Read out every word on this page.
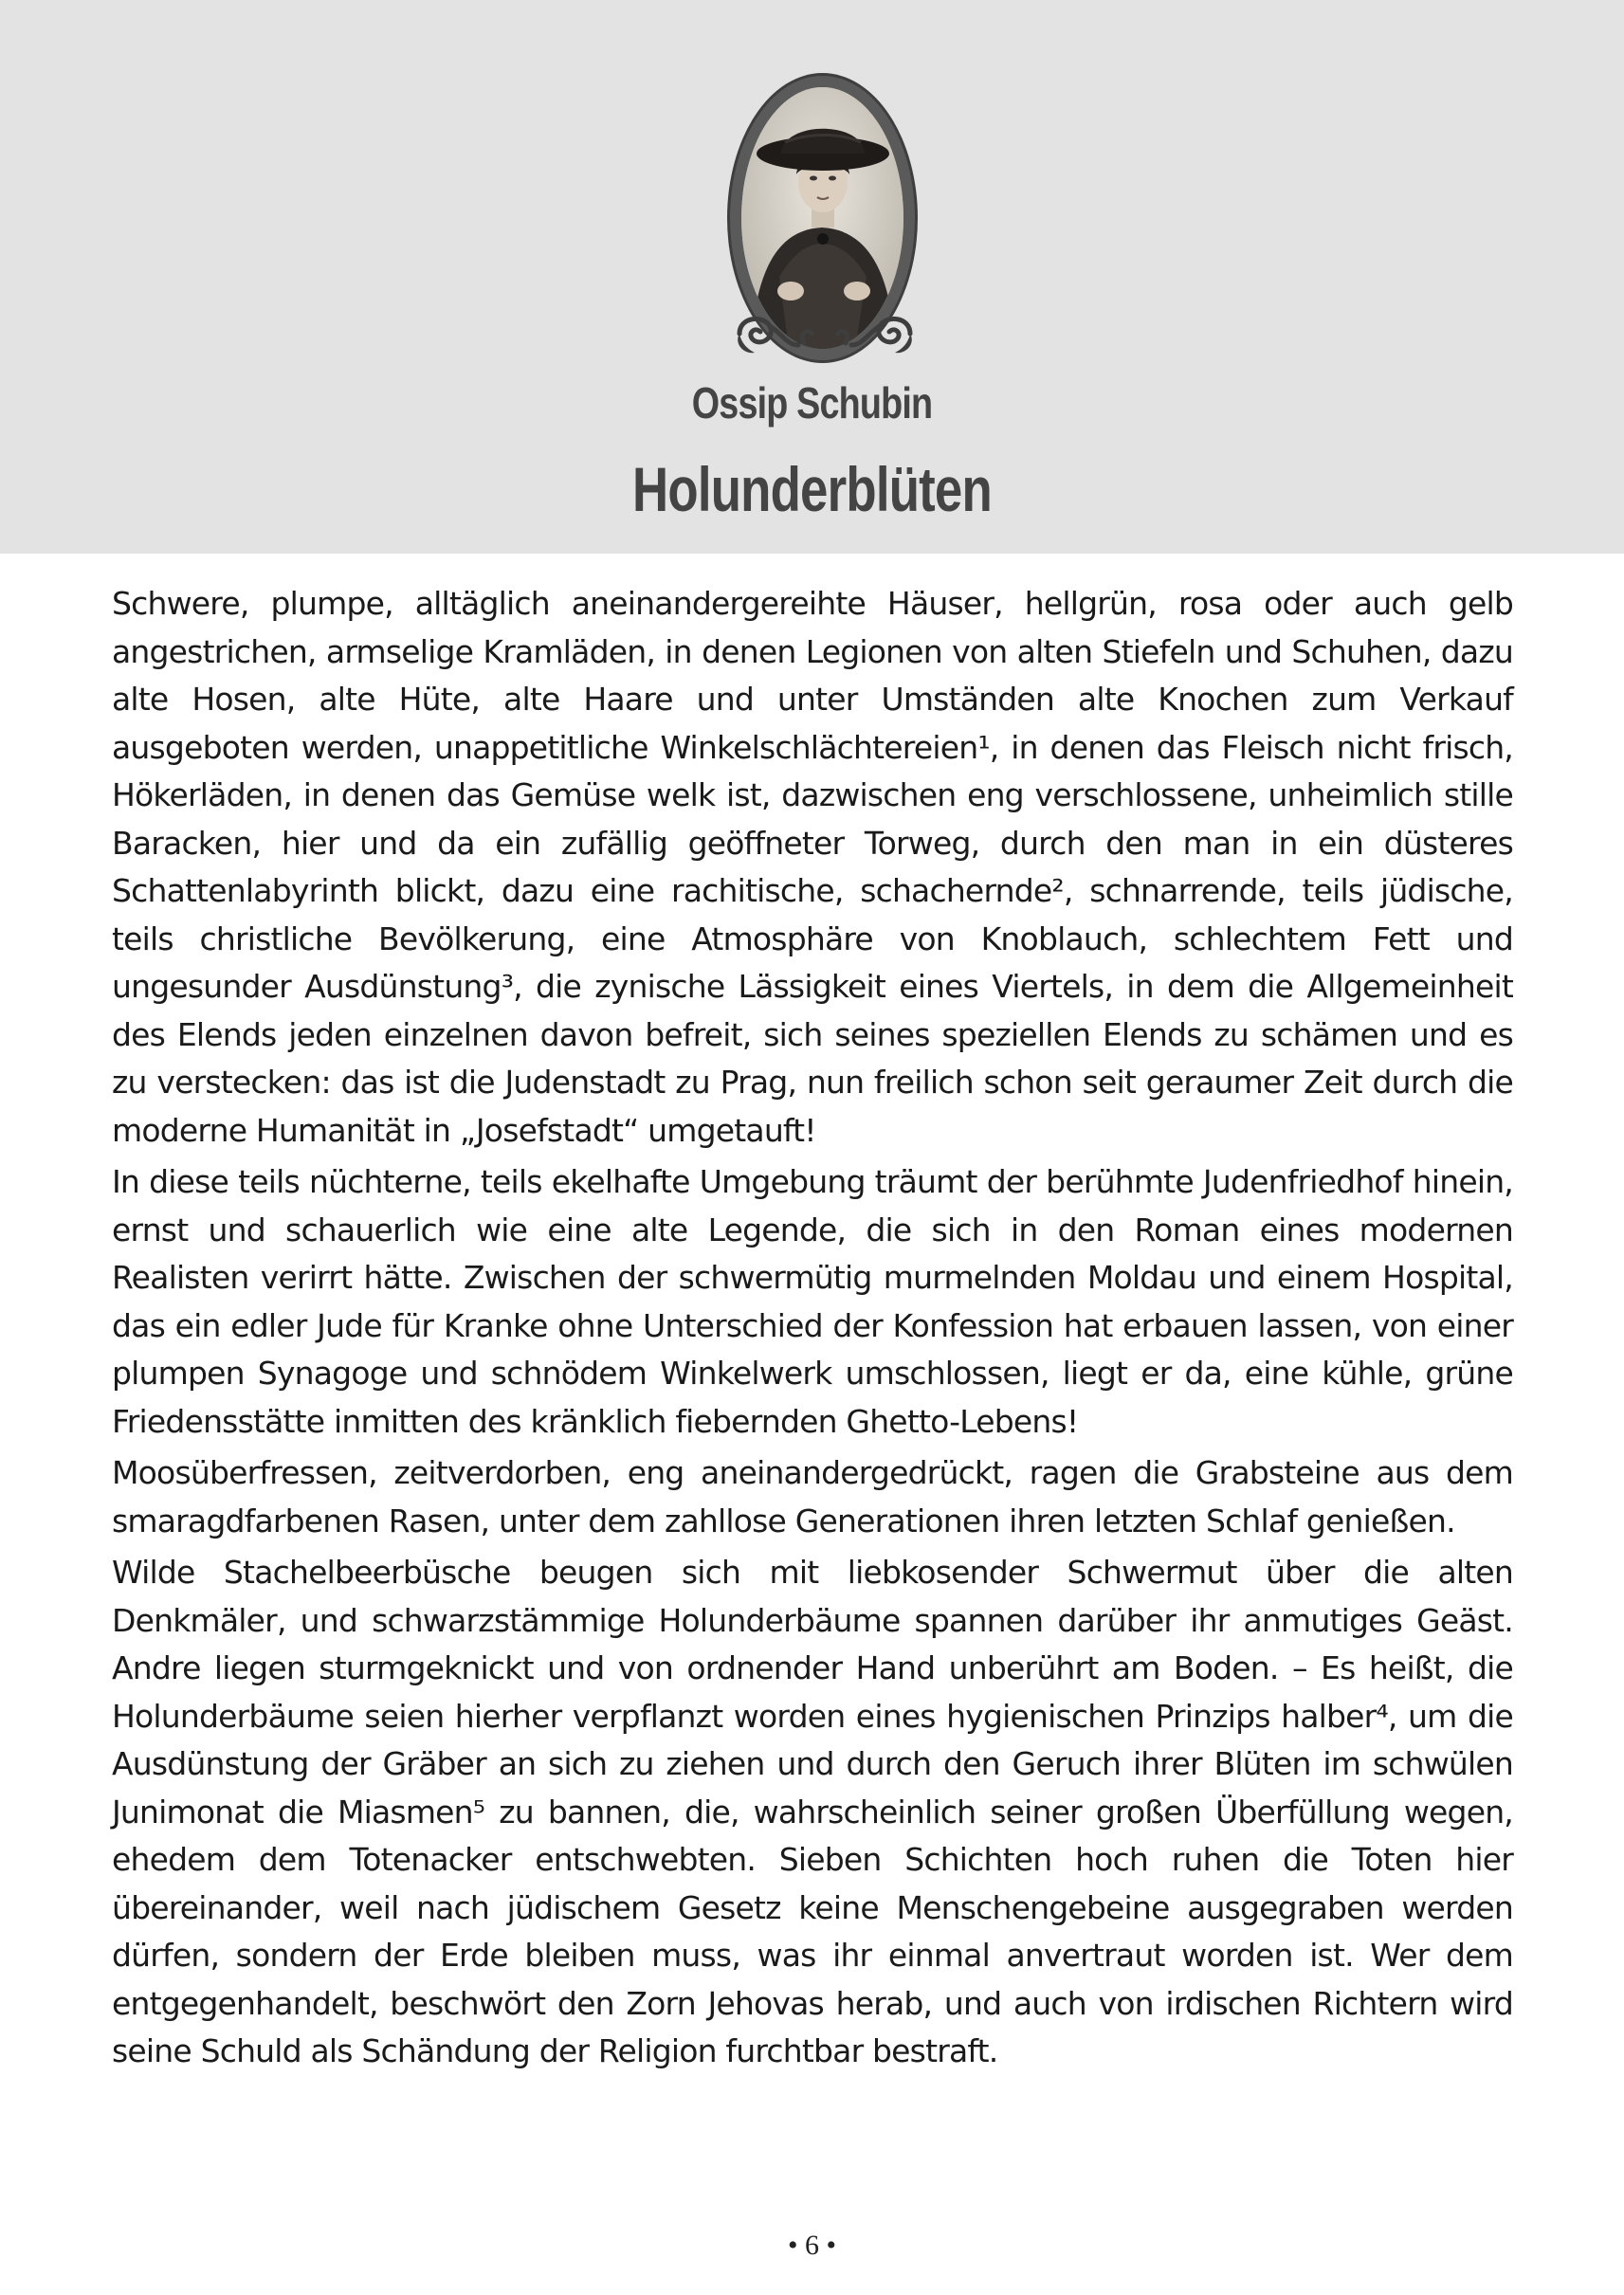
Ossip Schubin
Holunderblüten

Schwere, plumpe, alltäglich aneinandergereihte Häuser, hellgrün, rosa oder auch gelb angestrichen, armselige Kramläden, in denen Legionen von alten Stiefeln und Schuhen, dazu alte Hosen, alte Hüte, alte Haare und unter Umständen alte Knochen zum Verkauf ausgeboten werden, unappetitliche Winkelschlächtereien¹, in denen das Fleisch nicht frisch, Hökerläden, in denen das Gemüse welk ist, dazwischen eng verschlossene, unheimlich stille Baracken, hier und da ein zufällig geöffneter Torweg, durch den man in ein düsteres Schattenlabyrinth blickt, dazu eine rachitische, schachernde², schnarrende, teils jüdische, teils christliche Bevölkerung, eine Atmosphäre von Knoblauch, schlechtem Fett und ungesunder Ausdünstung³, die zynische Lässigkeit eines Viertels, in dem die Allgemeinheit des Elends jeden einzelnen davon befreit, sich seines speziellen Elends zu schämen und es zu verstecken: das ist die Judenstadt zu Prag, nun freilich schon seit geraumer Zeit durch die moderne Humanität in „Josefstadt“ umgetauft!

In diese teils nüchterne, teils ekelhafte Umgebung träumt der berühmte Judenfriedhof hinein, ernst und schauerlich wie eine alte Legende, die sich in den Roman eines modernen Realisten verirrt hätte. Zwischen der schwermütig murmelnden Moldau und einem Hospital, das ein edler Jude für Kranke ohne Unterschied der Konfession hat erbauen lassen, von einer plumpen Synagoge und schnödem Winkelwerk umschlossen, liegt er da, eine kühle, grüne Friedensstätte inmitten des kränklich fiebernden Ghetto-Lebens!

Moosüberfressen, zeitverdorben, eng aneinandergedrückt, ragen die Grabsteine aus dem smaragdfarbenen Rasen, unter dem zahllose Generationen ihren letzten Schlaf genießen.

Wilde Stachelbeerbüsche beugen sich mit liebkosender Schwermut über die alten Denkmäler, und schwarzstämmige Holunderbäume spannen darüber ihr anmutiges Geäst. Andre liegen sturmgeknickt und von ordnender Hand unberührt am Boden. – Es heißt, die Holunderbäume seien hierher verpflanzt worden eines hygienischen Prinzips halber⁴, um die Ausdünstung der Gräber an sich zu ziehen und durch den Geruch ihrer Blüten im schwülen Junimonat die Miasmen⁵ zu bannen, die, wahrscheinlich seiner großen Überfüllung wegen, ehedem dem Totenacker entschwebten. Sieben Schichten hoch ruhen die Toten hier übereinander, weil nach jüdischem Gesetz keine Menschengebeine ausgegraben werden dürfen, sondern der Erde bleiben muss, was ihr einmal anvertraut worden ist. Wer dem entgegenhandelt, beschwört den Zorn Jehovas herab, und auch von irdischen Richtern wird seine Schuld als Schändung der Religion furchtbar bestraft.

• 6 •
